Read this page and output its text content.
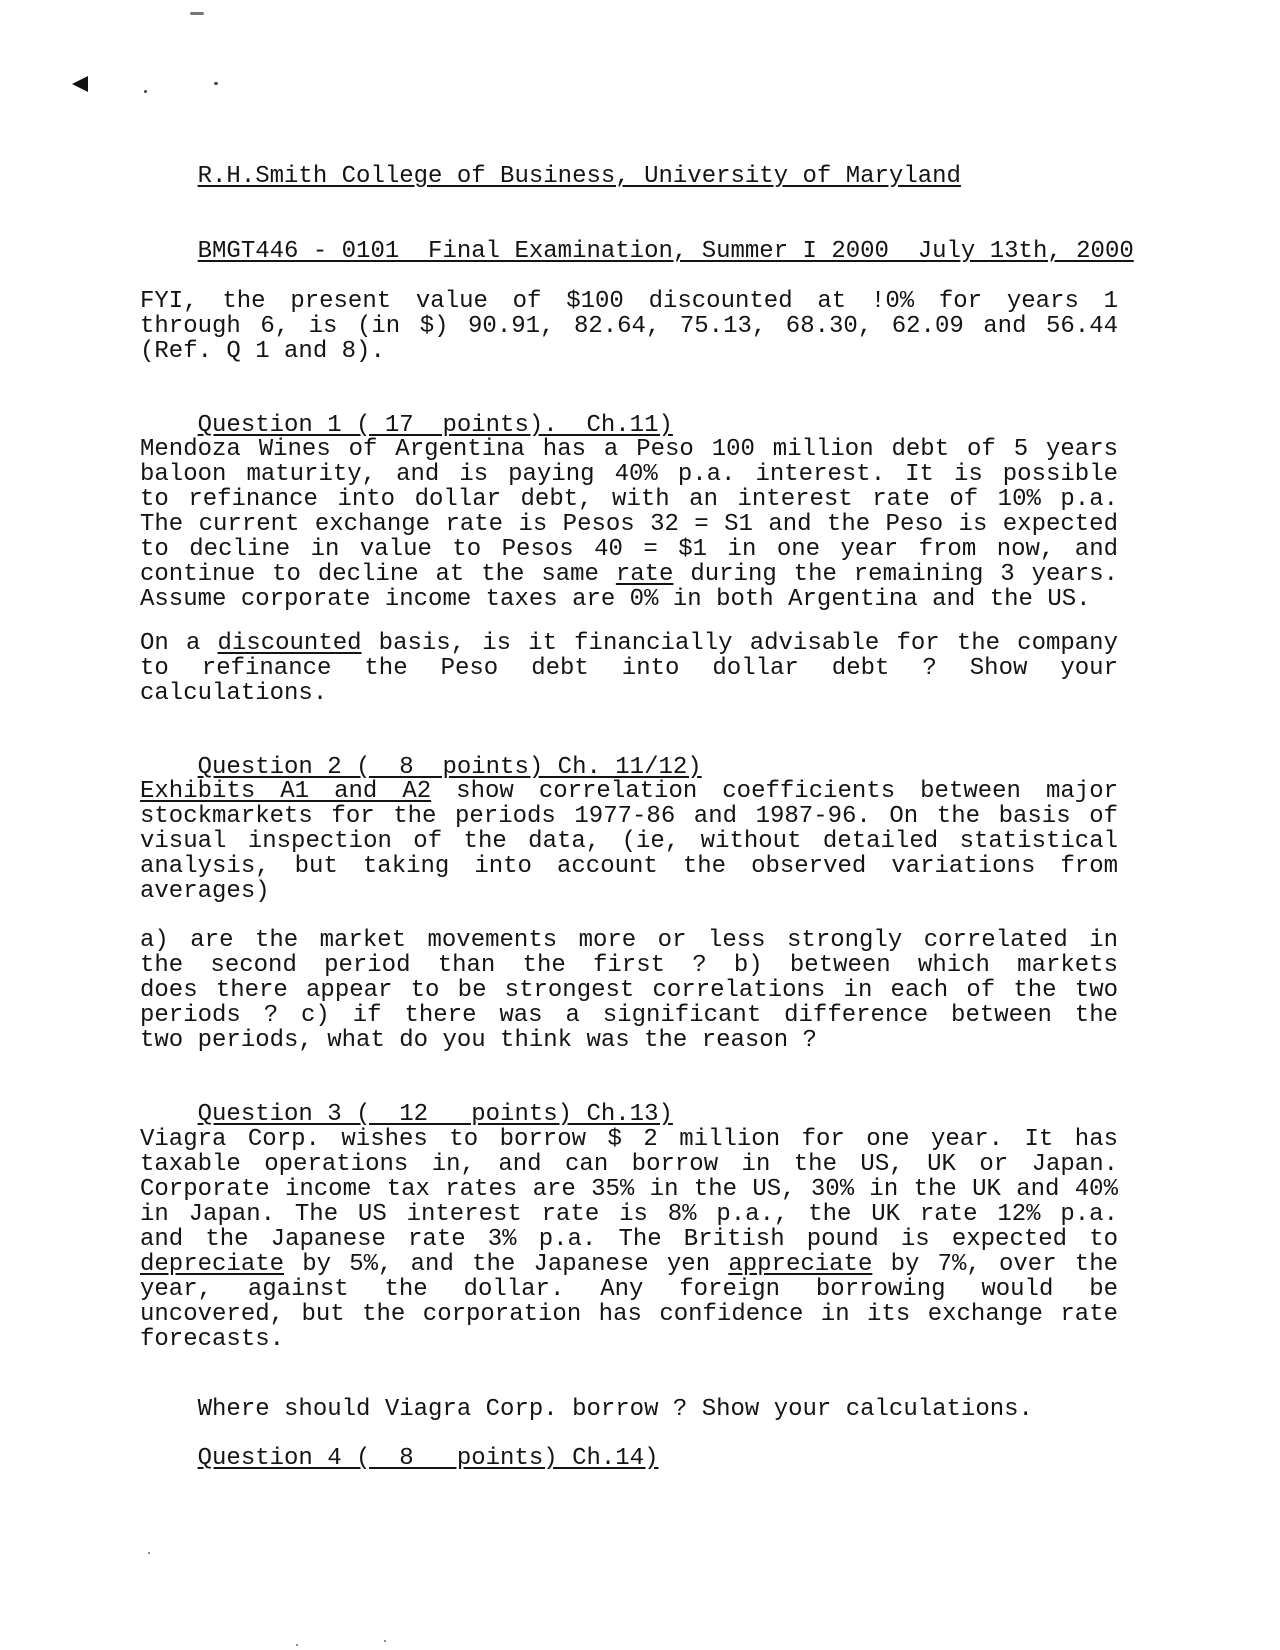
R.H.Smith College of Business, University of Maryland

BMGT446 - 0101  Final Examination, Summer I 2000  July 13th, 2000

FYI, the present value of $100 discounted at !0% for years 1
through 6, is (in $) 90.91, 82.64, 75.13, 68.30, 62.09 and 56.44
(Ref. Q 1 and 8).

Question 1 ( 17  points).  Ch.11)

Mendoza Wines of Argentina has a Peso 100 million debt of 5 years
baloon maturity, and is paying 40% p.a. interest. It is possible
to refinance into dollar debt, with an interest rate of 10% p.a.
The current exchange rate is Pesos 32 = S1 and the Peso is expected
to decline in value to Pesos 40 = $1 in one year from now, and
continue to decline at the same rate during the remaining 3 years.
Assume corporate income taxes are 0% in both Argentina and the US.
On a discounted basis, is it financially advisable for the company
to refinance the Peso debt into dollar debt ? Show your
calculations.

Question 2 (  8  points) Ch. 11/12)

Exhibits A1 and A2 show correlation coefficients between major
stockmarkets for the periods 1977-86 and 1987-96. On the basis of
visual inspection of the data, (ie, without detailed statistical
analysis, but taking into account the observed variations from
averages)
a) are the market movements more or less strongly correlated in
the second period than the first ? b) between which markets
does there appear to be strongest correlations in each of the two
periods ? c) if there was a significant difference between the
two periods, what do you think was the reason ?

Question 3 (  12   points) Ch.13)

Viagra Corp. wishes to borrow $ 2 million for one year. It has
taxable operations in, and can borrow in the US, UK or Japan.
Corporate income tax rates are 35% in the US, 30% in the UK and 40%
in Japan. The US interest rate is 8% p.a., the UK rate 12% p.a.
and the Japanese rate 3% p.a. The British pound is expected to
depreciate by 5%, and the Japanese yen appreciate by 7%, over the
year, against the dollar. Any foreign borrowing would be
uncovered, but the corporation has confidence in its exchange rate
forecasts.

Where should Viagra Corp. borrow ? Show your calculations.

Question 4 (  8   points) Ch.14)
